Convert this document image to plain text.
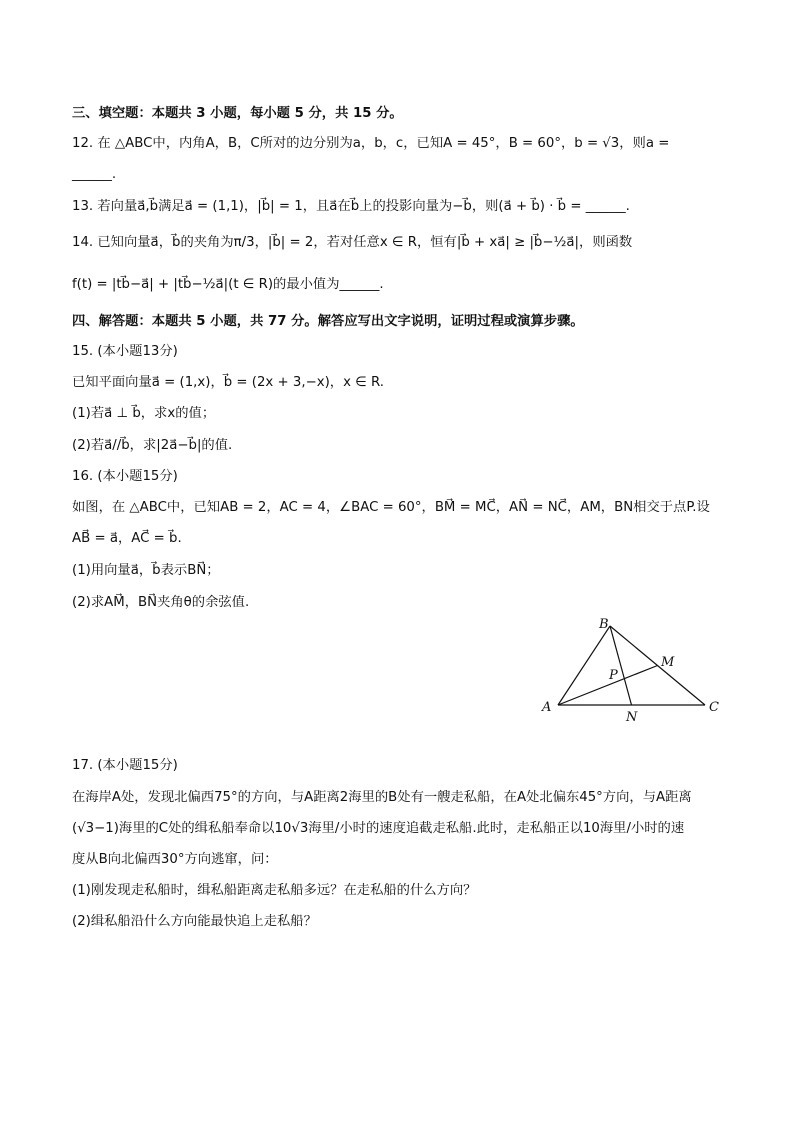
三、填空题：本题共 3 小题，每小题 5 分，共 15 分。
12. 在 △ABC中，内角A，B，C所对的边分别为a，b，c，已知A = 45°，B = 60°，b = √3，则a =
______.
13. 若向量a⃗,b⃗满足a⃗ = (1,1)，|b⃗| = 1，且a⃗在b⃗上的投影向量为−b⃗，则(a⃗ + b⃗) · b⃗ = ______.
14. 已知向量a⃗，b⃗的夹角为π/3，|b⃗| = 2，若对任意x ∈ R，恒有|b⃗ + xa⃗| ≥ |b⃗−½a⃗|，则函数
f(t) = |tb⃗−a⃗| + |tb⃗−½a⃗|(t ∈ R)的最小值为______.
四、解答题：本题共 5 小题，共 77 分。解答应写出文字说明，证明过程或演算步骤。
15. (本小题13分)
已知平面向量a⃗ = (1,x)，b⃗ = (2x + 3,−x)，x ∈ R.
(1)若a⃗ ⊥ b⃗，求x的值；
(2)若a⃗//b⃗，求|2a⃗−b⃗|的值.
16. (本小题15分)
如图，在 △ABC中，已知AB = 2，AC = 4，∠BAC = 60°，BM⃗ = MC⃗，AN⃗ = NC⃗，AM，BN相交于点P.设
AB⃗ = a⃗，AC⃗ = b⃗.
(1)用向量a⃗，b⃗表示BN⃗；
(2)求AM⃗，BN⃗夹角θ的余弦值.
B
M
P
A
N
C
17. (本小题15分)
在海岸A处，发现北偏西75°的方向，与A距离2海里的B处有一艘走私船，在A处北偏东45°方向，与A距离
(√3−1)海里的C处的缉私船奉命以10√3海里/小时的速度追截走私船.此时，走私船正以10海里/小时的速
度从B向北偏西30°方向逃窜，问：
(1)刚发现走私船时，缉私船距离走私船多远？在走私船的什么方向？
(2)缉私船沿什么方向能最快追上走私船？
